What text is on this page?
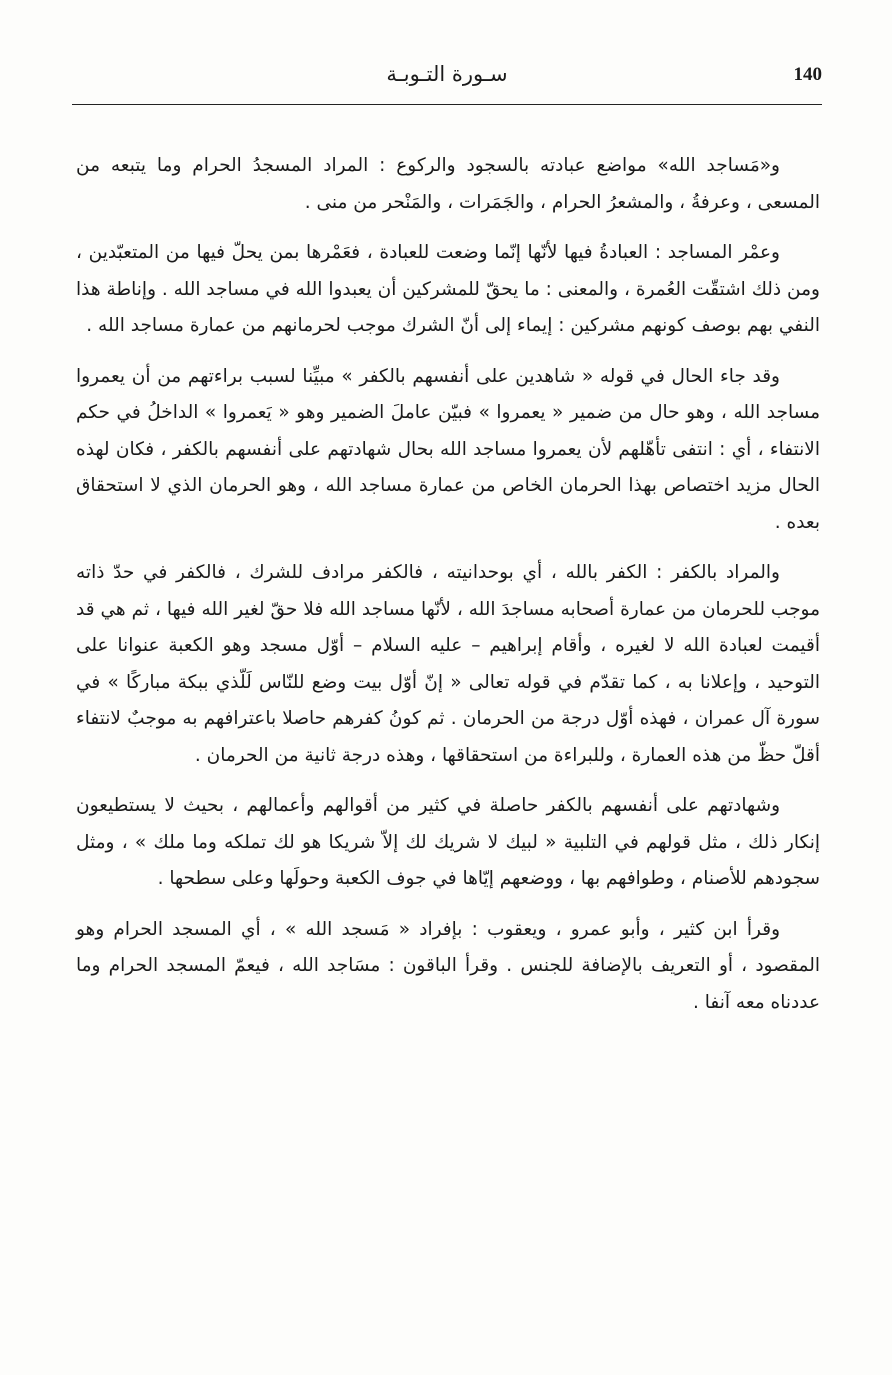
140
سـورة التـوبـة

و«مَساجد الله» مواضع عبادته بالسجود والركوع : المراد المسجدُ الحرام وما يتبعه من المسعى ، وعرفةُ ، والمشعرُ الحرام ، والجَمَرات ، والمَنْحر من منى .

وعمْر المساجد : العبادةُ فيها لأنّها إنّما وضعت للعبادة ، فعَمْرها بمن يحلّ فيها من المتعبّدين ، ومن ذلك اشتقّت العُمرة ، والمعنى : ما يحقّ للمشركين أن يعبدوا الله في مساجد الله . وإناطة هذا النفي بهم بوصف كونهم مشركين : إيماء إلى أنّ الشرك موجب لحرمانهم من عمارة مساجد الله .

وقد جاء الحال في قوله « شاهدين على أنفسهم بالكفر » مبيِّنا لسبب براءتهم من أن يعمروا مساجد الله ، وهو حال من ضمير « يعمروا » فبيّن عاملَ الضمير وهو « يَعمروا » الداخلُ في حكم الانتفاء ، أي : انتفى تأهّلهم لأن يعمروا مساجد الله بحال شهادتهم على أنفسهم بالكفر ، فكان لهذه الحال مزيد اختصاص بهذا الحرمان الخاص من عمارة مساجد الله ، وهو الحرمان الذي لا استحقاق بعده .

والمراد بالكفر : الكفر بالله ، أي بوحدانيته ، فالكفر مرادف للشرك ، فالكفر في حدّ ذاته موجب للحرمان من عمارة أصحابه مساجدَ الله ، لأنّها مساجد الله فلا حقّ لغير الله فيها ، ثم هي قد أقيمت لعبادة الله لا لغيره ، وأقام إبراهيم – عليه السلام – أوّل مسجد وهو الكعبة عنوانا على التوحيد ، وإعلانا به ، كما تقدّم في قوله تعالى « إنّ أوّل بيت وضع للنّاس لَلّذي ببكة مباركًا » في سورة آل عمران ، فهذه أوّل درجة من الحرمان . ثم كونُ كفرهم حاصلا باعترافهم به موجبٌ لانتفاء أقلّ حظّ من هذه العمارة ، وللبراءة من استحقاقها ، وهذه درجة ثانية من الحرمان .

وشهادتهم على أنفسهم بالكفر حاصلة في كثير من أقوالهم وأعمالهم ، بحيث لا يستطيعون إنكار ذلك ، مثل قولهم في التلبية « لبيك لا شريك لك إلاّ شريكا هو لك تملكه وما ملك » ، ومثل سجودهم للأصنام ، وطوافهم بها ، ووضعهم إيّاها في جوف الكعبة وحولَها وعلى سطحها .

وقرأ ابن كثير ، وأبو عمرو ، ويعقوب : بإفراد « مَسجد الله » ، أي المسجد الحرام وهو المقصود ، أو التعريف بالإضافة للجنس . وقرأ الباقون : مسَاجد الله ، فيعمّ المسجد الحرام وما عددناه معه آنفا .
